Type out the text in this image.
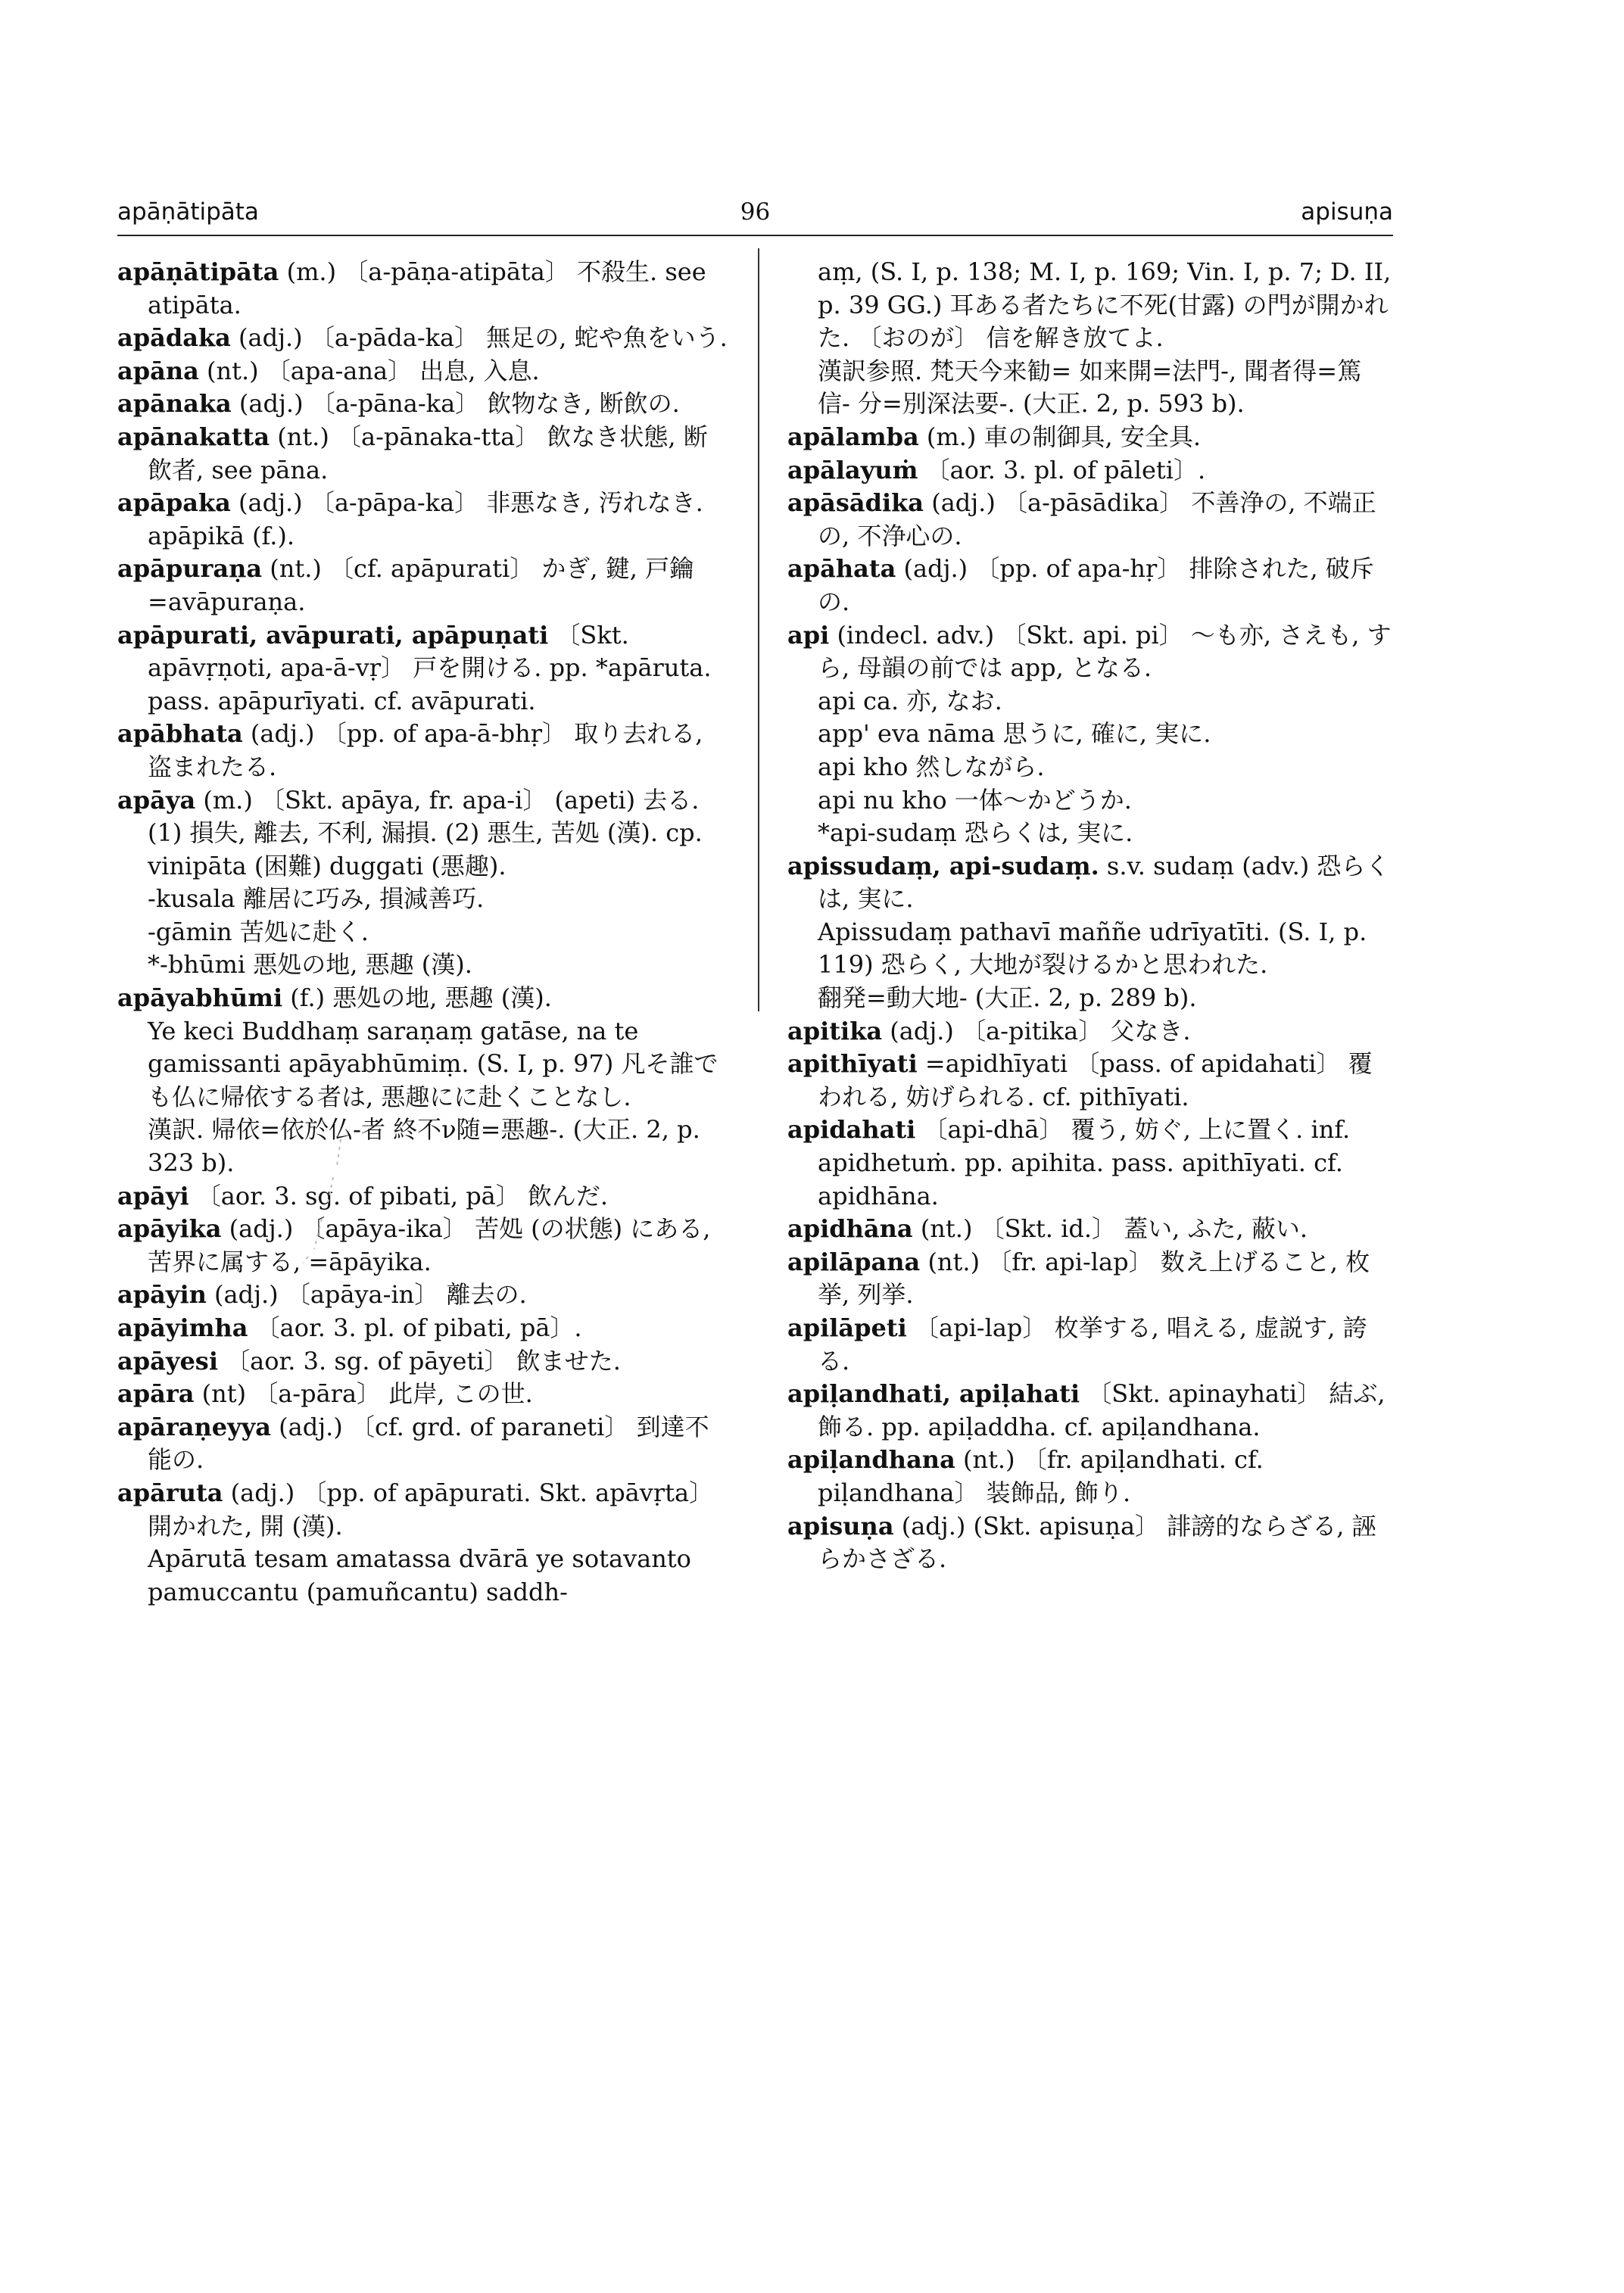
apāṇātipāta	96	apisuṇa

apāṇātipāta (m.) 〔a-pāṇa-atipāta〕 不殺生. see atipāta.

apādaka (adj.) 〔a-pāda-ka〕 無足の, 蛇や魚をいう.

apāna (nt.) 〔apa-ana〕 出息, 入息.

apānaka (adj.) 〔a-pāna-ka〕 飲物なき, 断飲の.

apānakatta (nt.) 〔a-pānaka-tta〕 飲なき状態, 断飲者, see pāna.

apāpaka (adj.) 〔a-pāpa-ka〕 非悪なき, 汚れなき. apāpikā (f.).

apāpuraṇa (nt.) 〔cf. apāpurati〕 かぎ, 鍵, 戸鑰=avāpuraṇa.

apāpurati, avāpurati, apāpuṇati 〔Skt. apāvṛṇoti, apa-ā-vṛ〕 戸を開ける. pp. *apāruta. pass. apāpurīyati. cf. avāpurati.

apābhata (adj.) 〔pp. of apa-ā-bhṛ〕 取り去れる, 盗まれたる.

apāya (m.) 〔Skt. apāya, fr. apa-i〕 (apeti) 去る. (1) 損失, 離去, 不利, 漏損. (2) 悪生, 苦処 (漢). cp. vinipāta (困難) duggati (悪趣).

-kusala 離居に巧み, 損減善巧.

-gāmin 苦処に赴く.

*-bhūmi 悪処の地, 悪趣 (漢).

apāyabhūmi (f.) 悪処の地, 悪趣 (漢).

Ye keci Buddhaṃ saraṇaṃ gatāse, na te gamissanti apāyabhūmiṃ. (S. I, p. 97) 凡そ誰でも仏に帰依する者は, 悪趣にに赴くことなし.

漢訳. 帰依=依於仏-者 終不ν随=悪趣-. (大正. 2, p. 323 b).

apāyi 〔aor. 3. sg. of pibati, pā〕 飲んだ.

apāyika (adj.) 〔apāya-ika〕 苦処 (の状態) にある, 苦界に属する, =āpāyika.

apāyin (adj.) 〔apāya-in〕 離去の.

apāyimha 〔aor. 3. pl. of pibati, pā〕.

apāyesi 〔aor. 3. sg. of pāyeti〕 飲ませた.

apāra (nt) 〔a-pāra〕 此岸, この世.

apāraṇeyya (adj.) 〔cf. grd. of paraneti〕 到達不能の.

apāruta (adj.) 〔pp. of apāpurati. Skt. apāvṛta〕 開かれた, 開 (漢).

Apārutā tesam amatassa dvārā ye sotavanto pamuccantu (pamuñcantu) saddh-

aṃ, (S. I, p. 138; M. I, p. 169; Vin. I, p. 7; D. II, p. 39 GG.) 耳ある者たちに不死(甘露) の門が開かれた. 〔おのが〕 信を解き放てよ.

漢訳参照. 梵天今来勧= 如来開=法門-, 聞者得=篤信- 分=別深法要-. (大正. 2, p. 593 b).

apālamba (m.) 車の制御具, 安全具.

apālayuṁ 〔aor. 3. pl. of pāleti〕.

apāsādika (adj.) 〔a-pāsādika〕 不善浄の, 不端正の, 不浄心の.

apāhata (adj.) 〔pp. of apa-hṛ〕 排除された, 破斥の.

api (indecl. adv.) 〔Skt. api. pi〕 〜も亦, さえも, すら, 母韻の前では app, となる.

api ca. 亦, なお.

app' eva nāma 思うに, 確に, 実に.

api kho 然しながら.

api nu kho 一体〜かどうか.

*api-sudaṃ 恐らくは, 実に.

apissudaṃ, api-sudaṃ. s.v. sudaṃ (adv.) 恐らくは, 実に.

Apissudaṃ pathavī maññe udrīyatīti. (S. I, p. 119) 恐らく, 大地が裂けるかと思われた.

翻発=動大地- (大正. 2, p. 289 b).

apitika (adj.) 〔a-pitika〕 父なき.

apithīyati =apidhīyati 〔pass. of apidahati〕 覆われる, 妨げられる. cf. pithīyati.

apidahati 〔api-dhā〕 覆う, 妨ぐ, 上に置く. inf. apidhetuṁ. pp. apihita. pass. apithīyati. cf. apidhāna.

apidhāna (nt.) 〔Skt. id.〕 蓋い, ふた, 蔽い.

apilāpana (nt.) 〔fr. api-lap〕 数え上げること, 枚挙, 列挙.

apilāpeti 〔api-lap〕 枚挙する, 唱える, 虚説す, 誇る.

apiḷandhati, apiḷahati 〔Skt. apinayhati〕 結ぶ, 飾る. pp. apiḷaddha. cf. apiḷandhana.

apiḷandhana (nt.) 〔fr. apiḷandhati. cf. piḷandhana〕 装飾品, 飾り.

apisuṇa (adj.) (Skt. apisuṇa〕 誹謗的ならざる, 誣らかさざる.
